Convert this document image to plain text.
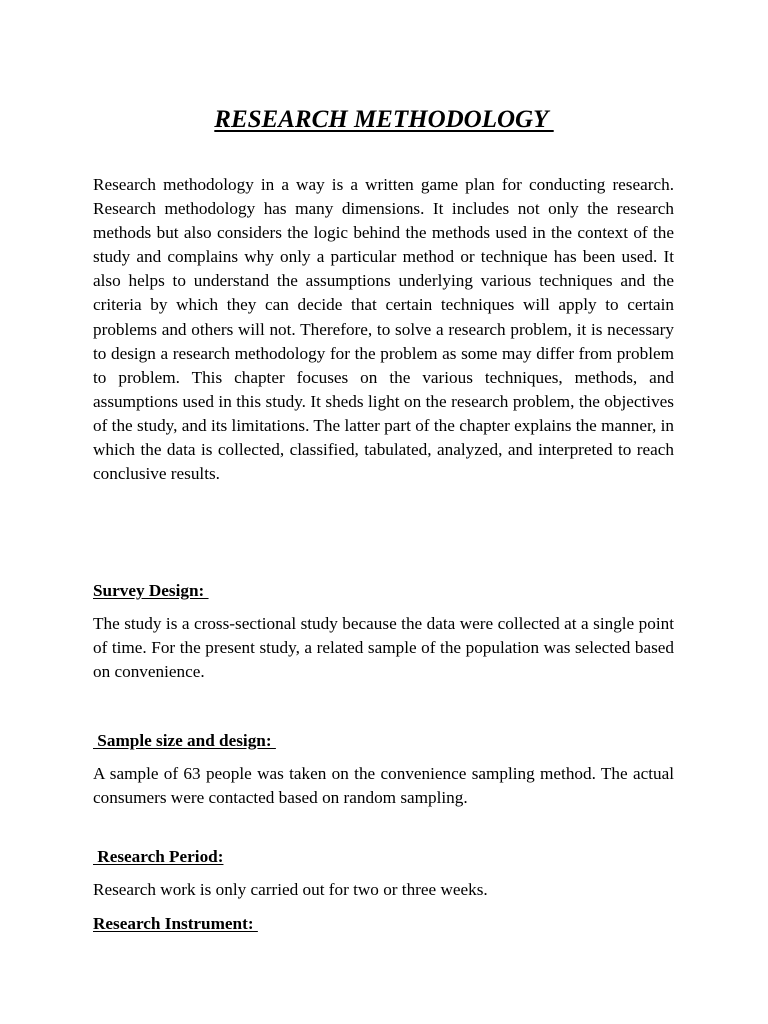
RESEARCH METHODOLOGY

Research methodology in a way is a written game plan for conducting research. Research methodology has many dimensions. It includes not only the research methods but also considers the logic behind the methods used in the context of the study and complains why only a particular method or technique has been used. It also helps to understand the assumptions underlying various techniques and the criteria by which they can decide that certain techniques will apply to certain problems and others will not. Therefore, to solve a research problem, it is necessary to design a research methodology for the problem as some may differ from problem to problem. This chapter focuses on the various techniques, methods, and assumptions used in this study. It sheds light on the research problem, the objectives of the study, and its limitations. The latter part of the chapter explains the manner, in which the data is collected, classified, tabulated, analyzed, and interpreted to reach conclusive results.

Survey Design:

The study is a cross-sectional study because the data were collected at a single point of time. For the present study, a related sample of the population was selected based on convenience.

Sample size and design:

A sample of 63 people was taken on the convenience sampling method. The actual consumers were contacted based on random sampling.

Research Period:

Research work is only carried out for two or three weeks.

Research Instrument:
